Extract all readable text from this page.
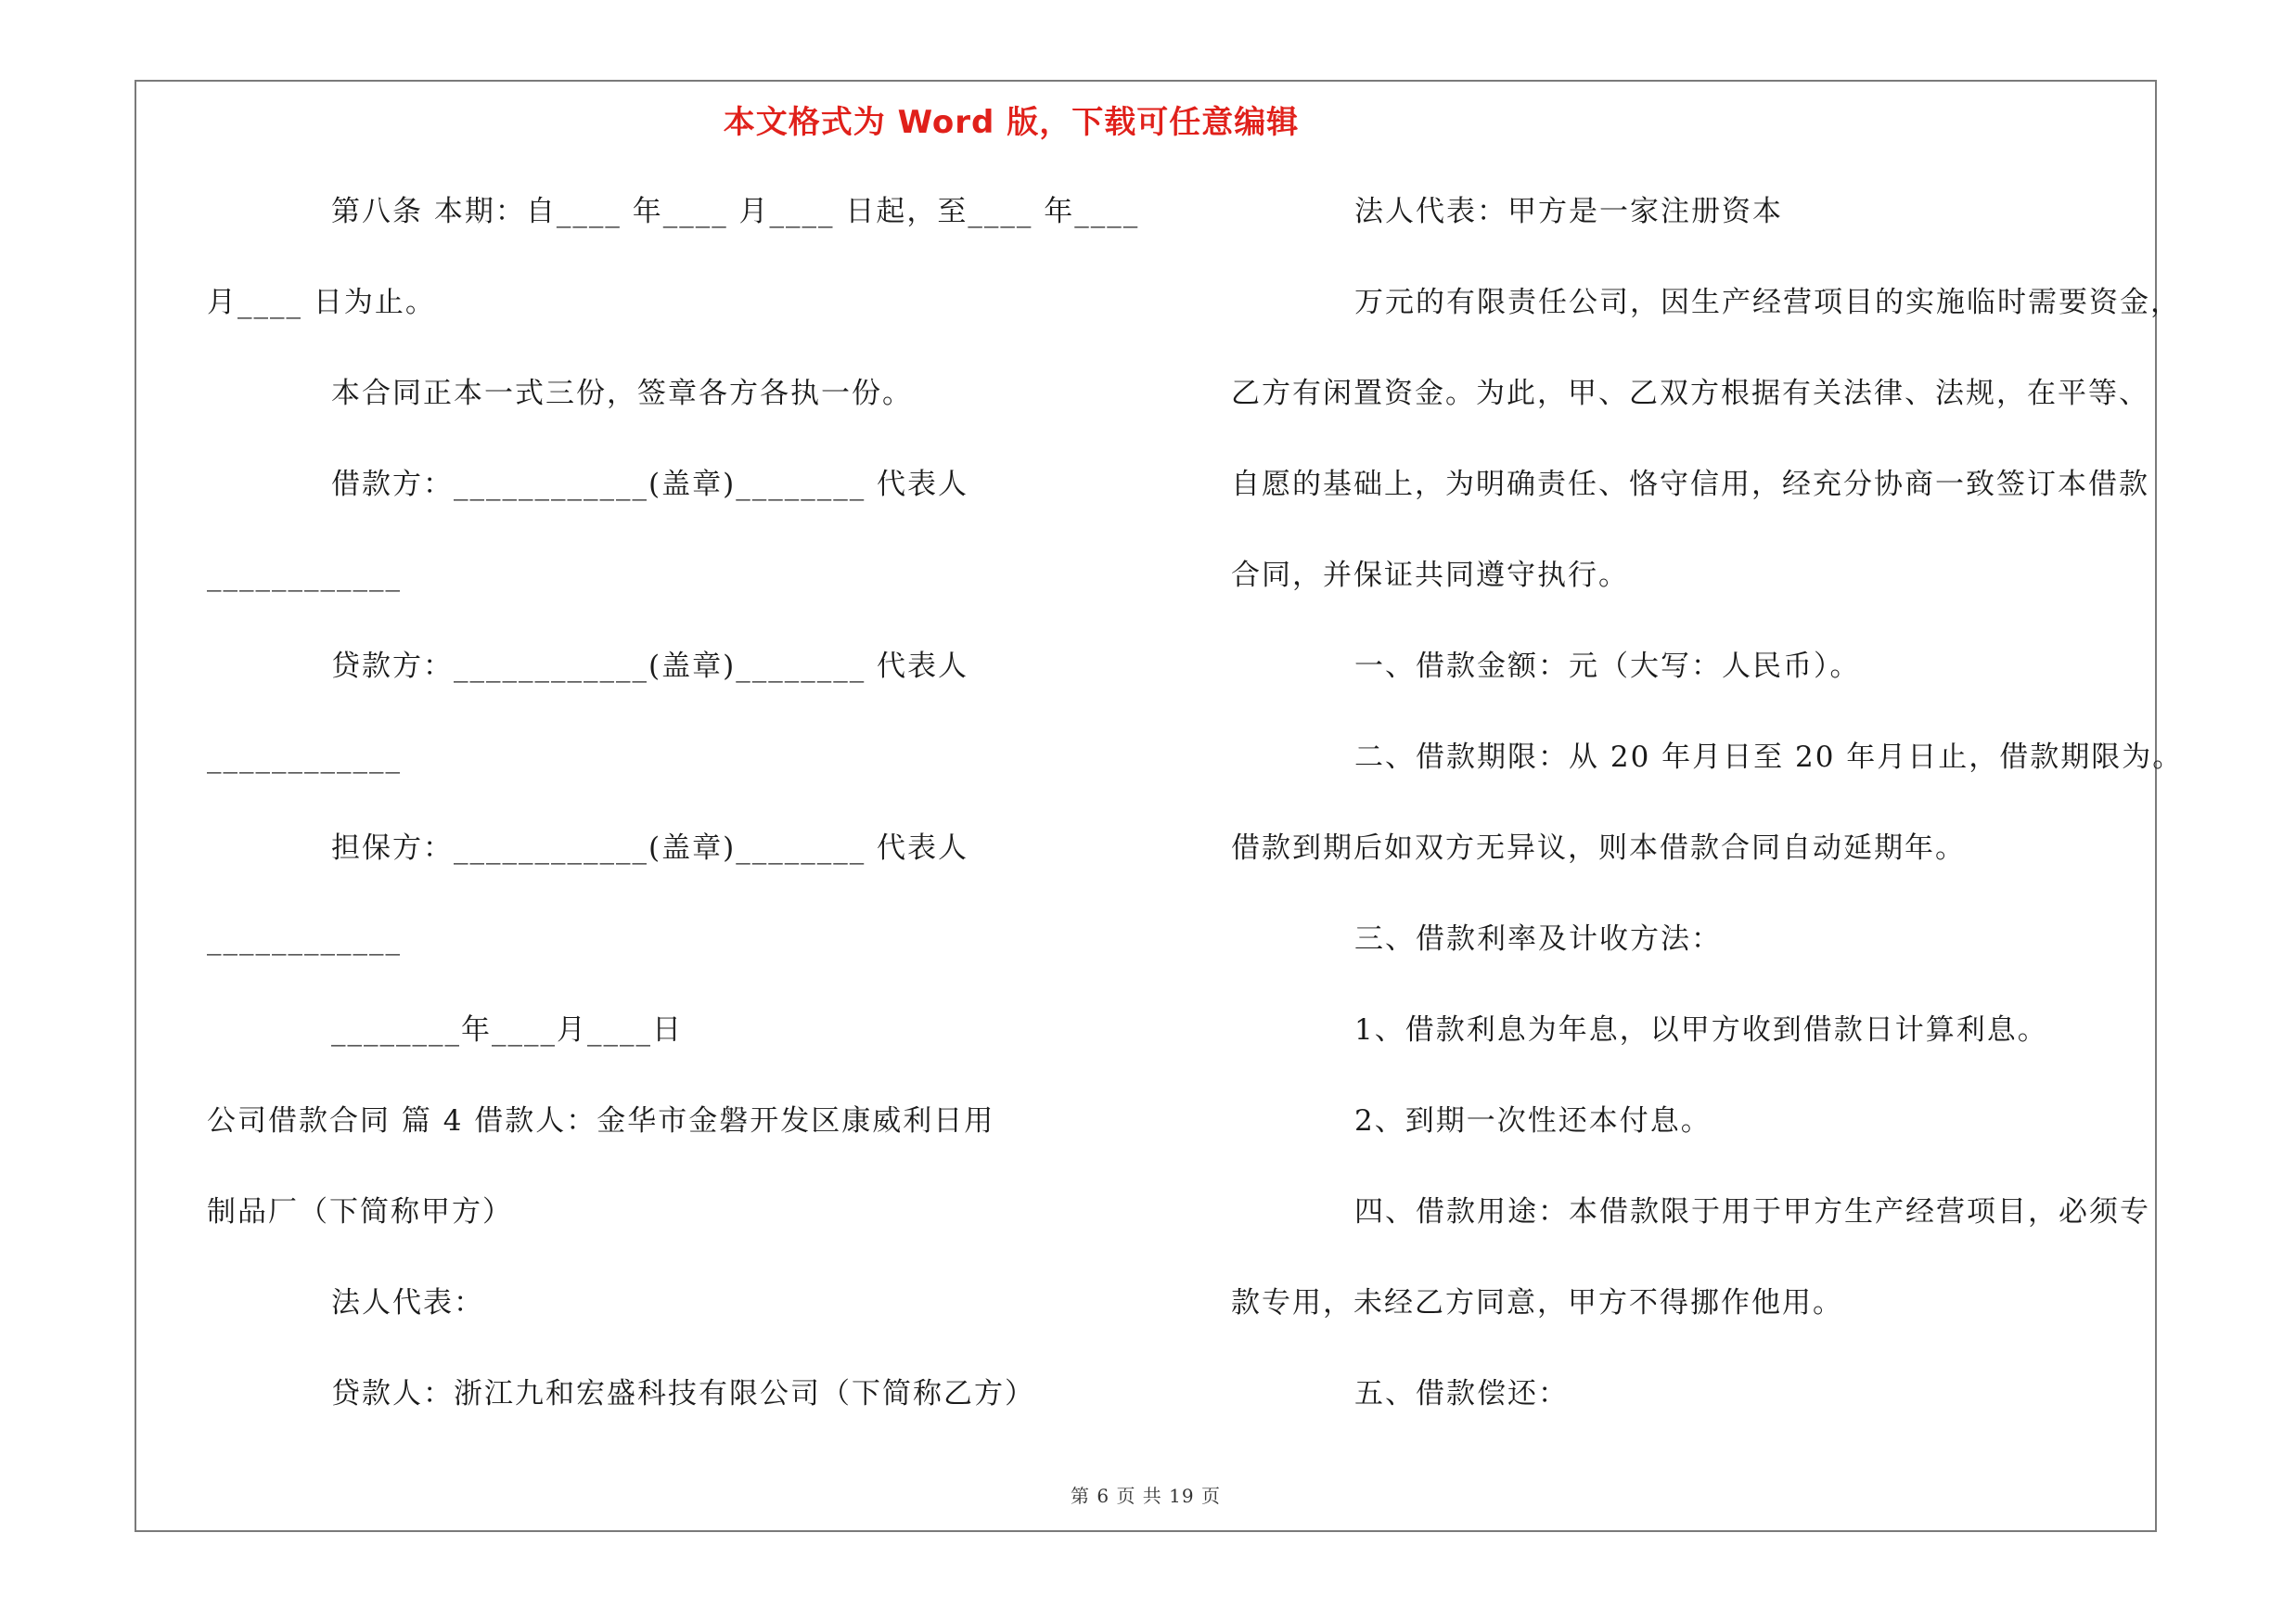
本文格式为 Word 版，下载可任意编辑
第八条 本期：自____ 年____ 月____ 日起，至____ 年____
月____ 日为止。
本合同正本一式三份，签章各方各执一份。
借款方：____________(盖章)________ 代表人
____________
贷款方：____________(盖章)________ 代表人
____________
担保方：____________(盖章)________ 代表人
____________
________年____月____日
公司借款合同 篇 4 借款人：金华市金磐开发区康威利日用
制品厂（下简称甲方）
法人代表：
贷款人：浙江九和宏盛科技有限公司（下简称乙方）
法人代表：甲方是一家注册资本
万元的有限责任公司，因生产经营项目的实施临时需要资金，
乙方有闲置资金。为此，甲、乙双方根据有关法律、法规，在平等、
自愿的基础上，为明确责任、恪守信用，经充分协商一致签订本借款
合同，并保证共同遵守执行。
一、借款金额：元（大写：人民币）。
二、借款期限：从 20 年月日至 20 年月日止，借款期限为。
借款到期后如双方无异议，则本借款合同自动延期年。
三、借款利率及计收方法：
1、借款利息为年息，以甲方收到借款日计算利息。
2、到期一次性还本付息。
四、借款用途：本借款限于用于甲方生产经营项目，必须专
款专用，未经乙方同意，甲方不得挪作他用。
五、借款偿还：
第 6 页 共 19 页
